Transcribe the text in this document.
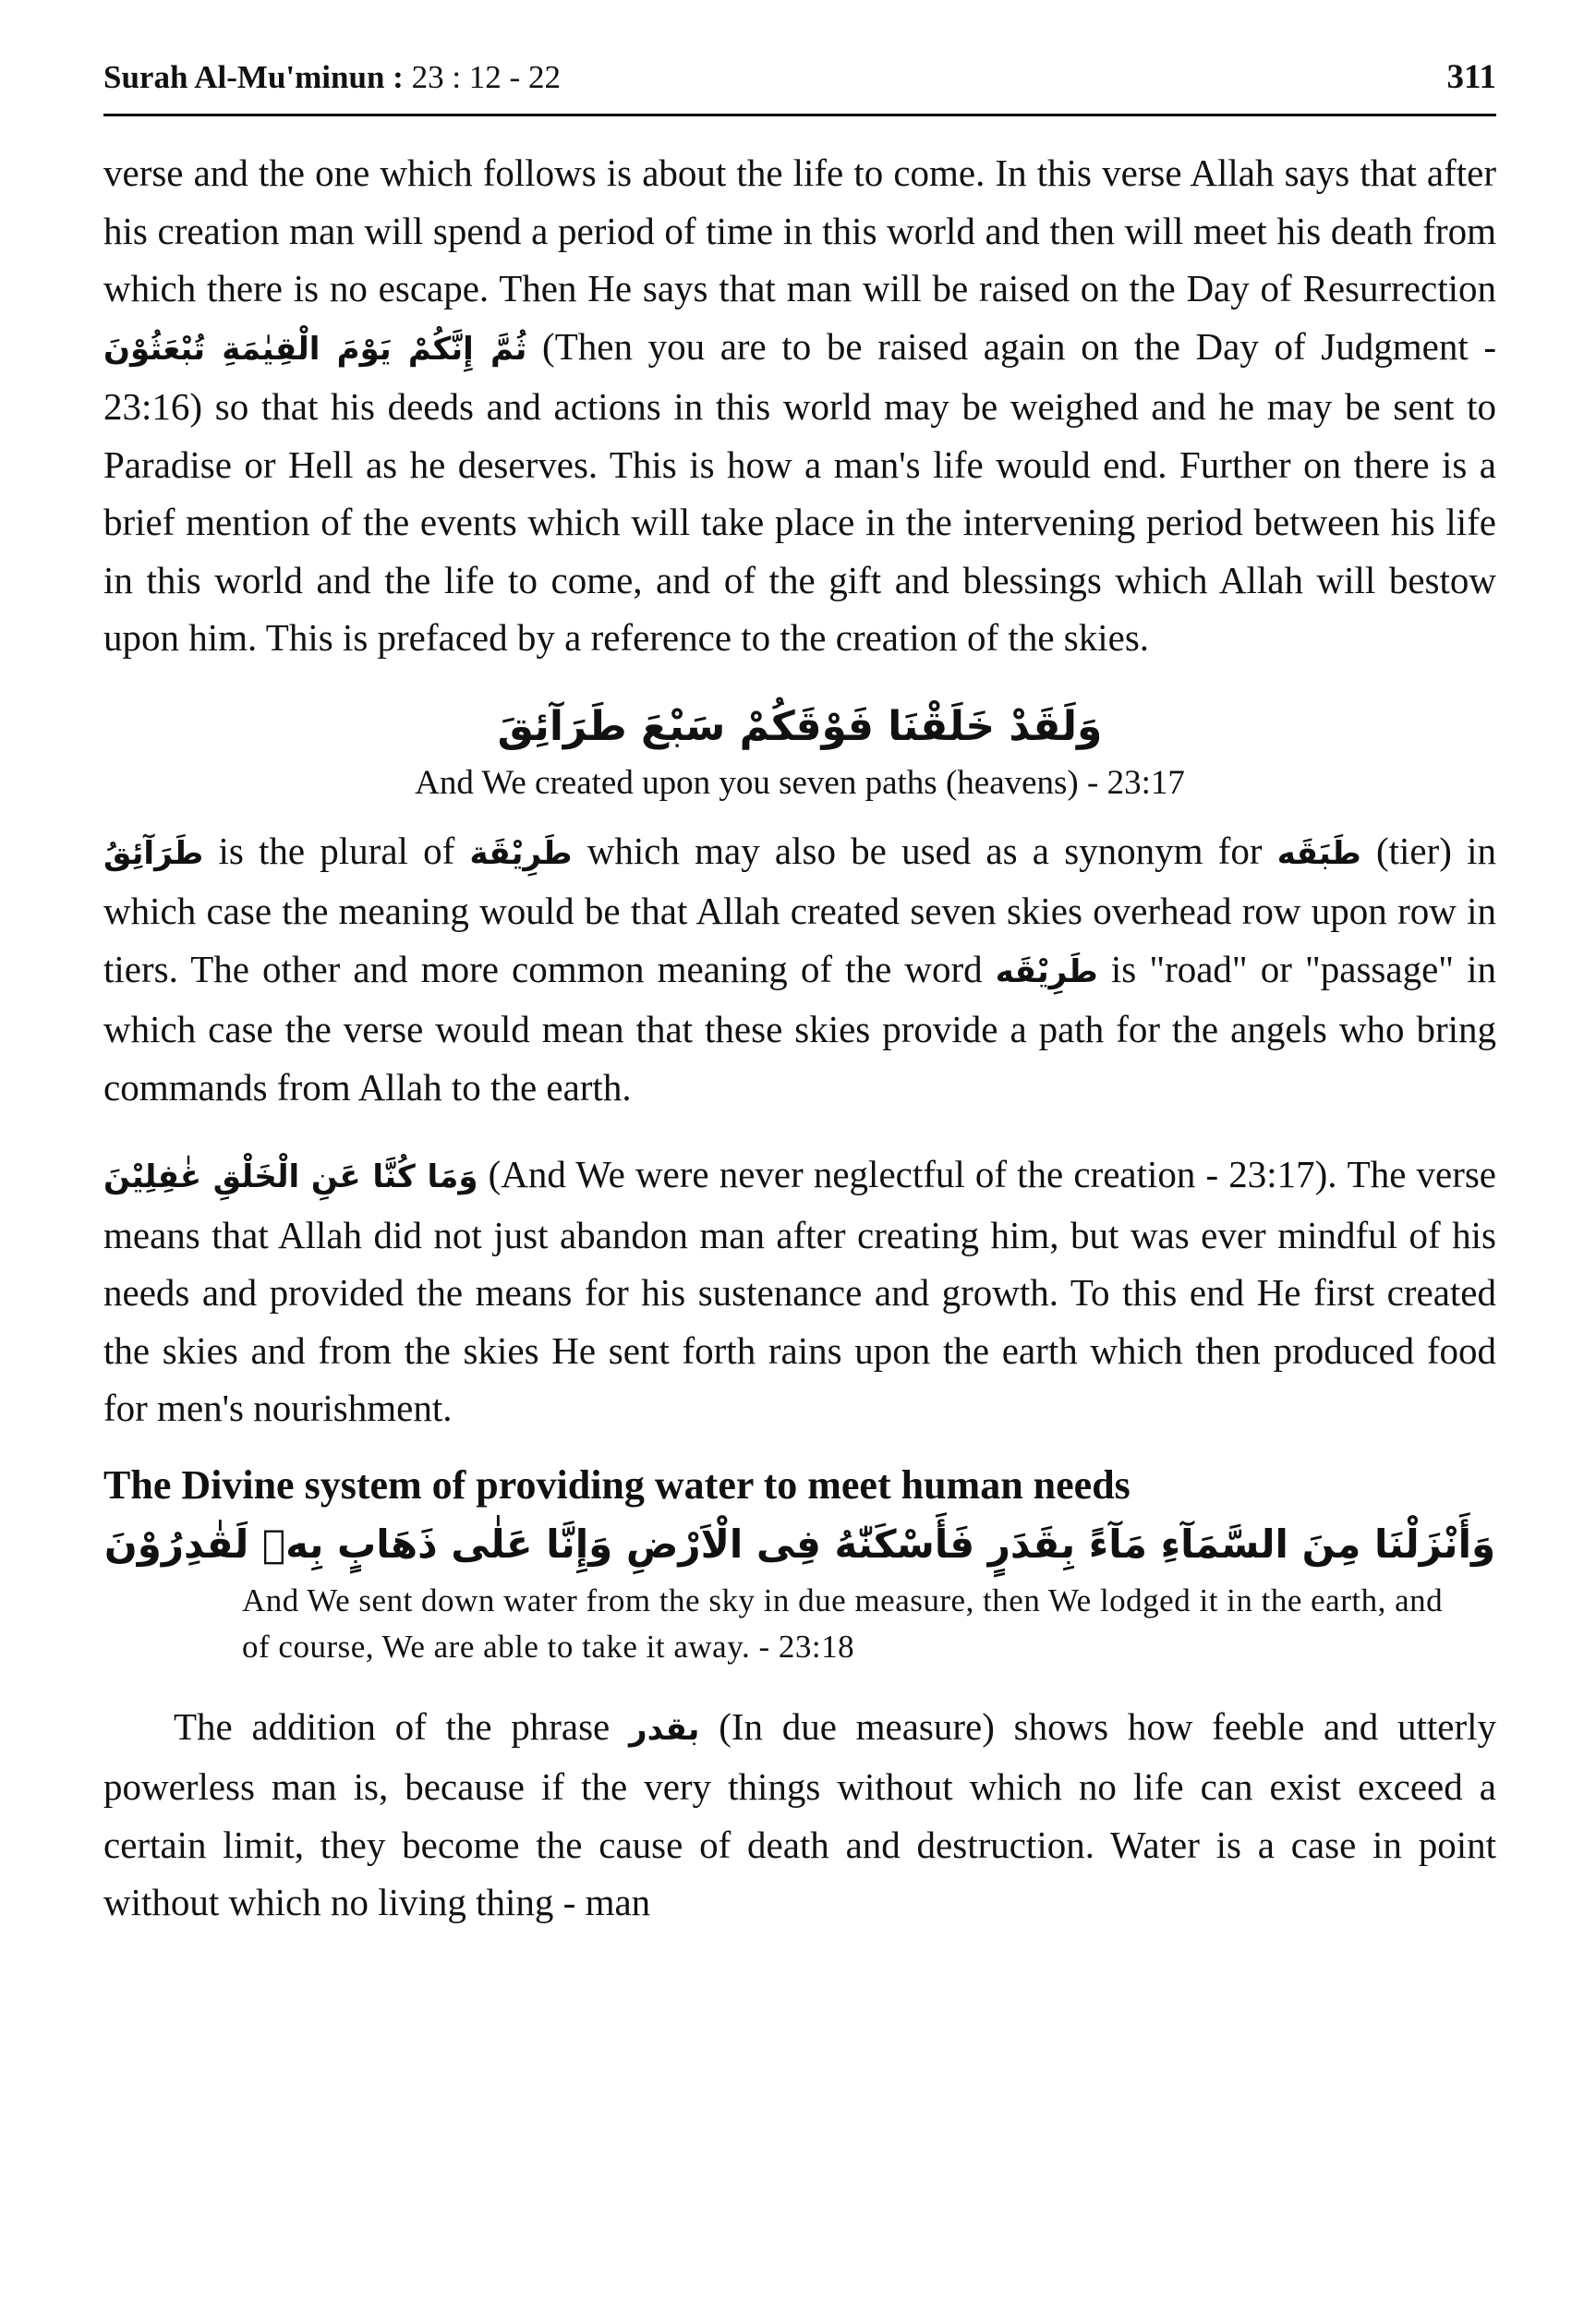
Surah Al-Mu'minun : 23 : 12 - 22	311

verse and the one which follows is about the life to come. In this verse Allah says that after his creation man will spend a period of time in this world and then will meet his death from which there is no escape. Then He says that man will be raised on the Day of Resurrection ثُمَّ إِنَّكُمْ يَوْمَ الْقِيٰمَةِ تُبْعَثُوْنَ (Then you are to be raised again on the Day of Judgment - 23:16) so that his deeds and actions in this world may be weighed and he may be sent to Paradise or Hell as he deserves. This is how a man's life would end. Further on there is a brief mention of the events which will take place in the intervening period between his life in this world and the life to come, and of the gift and blessings which Allah will bestow upon him. This is prefaced by a reference to the creation of the skies.

وَلَقَدْ خَلَقْنَا فَوْقَكُمْ سَبْعَ طَرَآئِقَ
And We created upon you seven paths (heavens) - 23:17

طَرَآئِقُ is the plural of طَرِيْقَة which may also be used as a synonym for طَبَقَه (tier) in which case the meaning would be that Allah created seven skies overhead row upon row in tiers. The other and more common meaning of the word طَرِيْقَه is "road" or "passage" in which case the verse would mean that these skies provide a path for the angels who bring commands from Allah to the earth.

وَمَا كُنَّا عَنِ الْخَلْقِ غٰفِلِيْنَ (And We were never neglectful of the creation - 23:17). The verse means that Allah did not just abandon man after creating him, but was ever mindful of his needs and provided the means for his sustenance and growth. To this end He first created the skies and from the skies He sent forth rains upon the earth which then produced food for men's nourishment.

The Divine system of providing water to meet human needs
وَأَنْزَلْنَا مِنَ السَّمَآءِ مَآءً بِقَدَرٍ فَأَسْكَنّٰهُ فِى الْاَرْضِ وَإِنَّا عَلٰى ذَهَابٍ بِهٖ لَقٰدِرُوْنَ
And We sent down water from the sky in due measure, then We lodged it in the earth, and of course, We are able to take it away. - 23:18

The addition of the phrase بقدر (In due measure) shows how feeble and utterly powerless man is, because if the very things without which no life can exist exceed a certain limit, they become the cause of death and destruction. Water is a case in point without which no living thing - man
